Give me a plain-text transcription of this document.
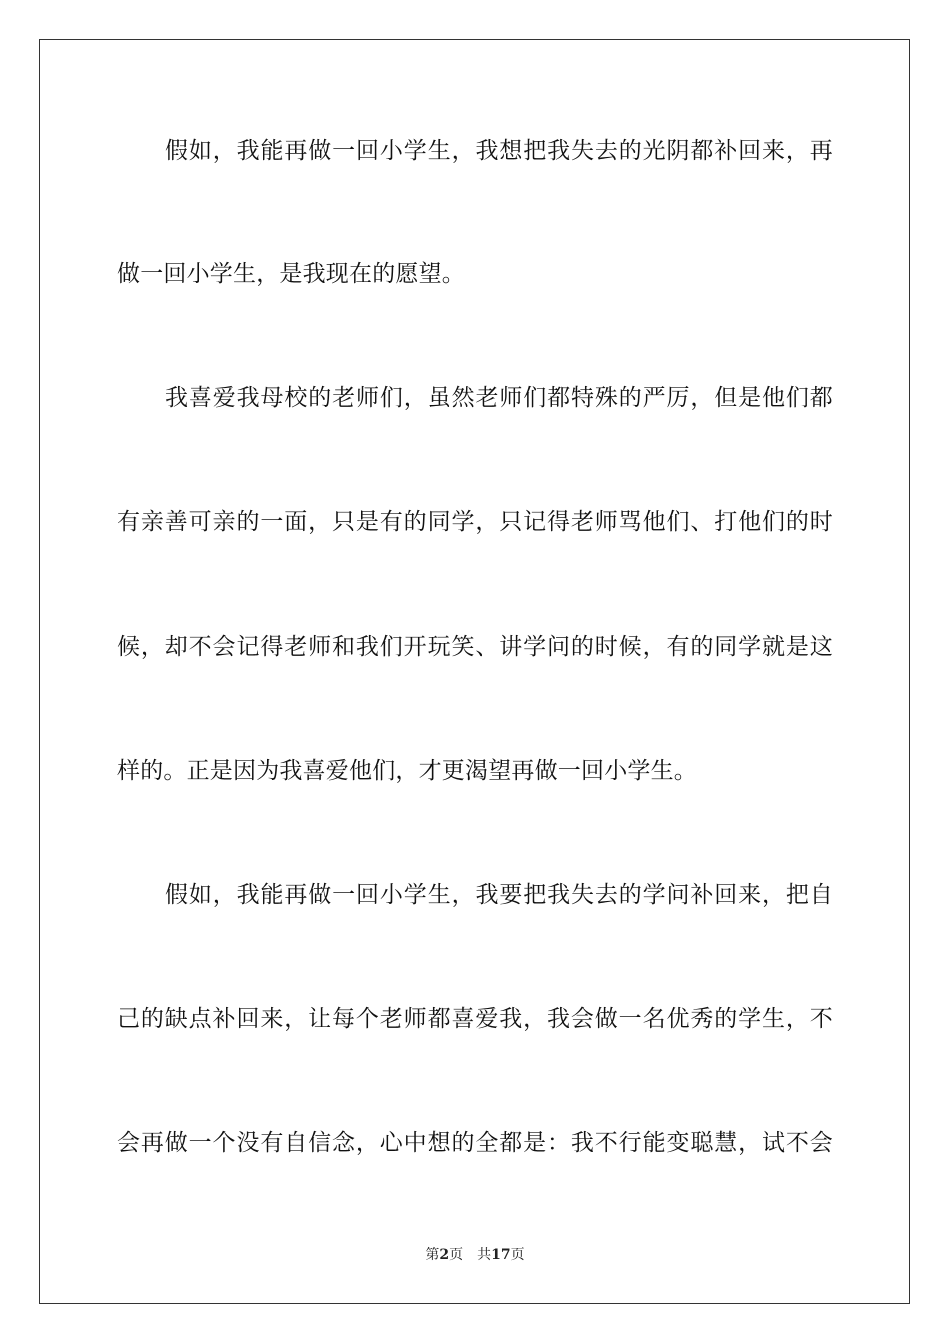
假如，我能再做一回小学生，我想把我失去的光阴都补回来，再
做一回小学生，是我现在的愿望。
我喜爱我母校的老师们，虽然老师们都特殊的严厉，但是他们都
有亲善可亲的一面，只是有的同学，只记得老师骂他们、打他们的时
候，却不会记得老师和我们开玩笑、讲学问的时候，有的同学就是这
样的。正是因为我喜爱他们，才更渴望再做一回小学生。
假如，我能再做一回小学生，我要把我失去的学问补回来，把自
己的缺点补回来，让每个老师都喜爱我，我会做一名优秀的学生，不
会再做一个没有自信念，心中想的全都是：我不行能变聪慧，试不会
第2页 共17页
